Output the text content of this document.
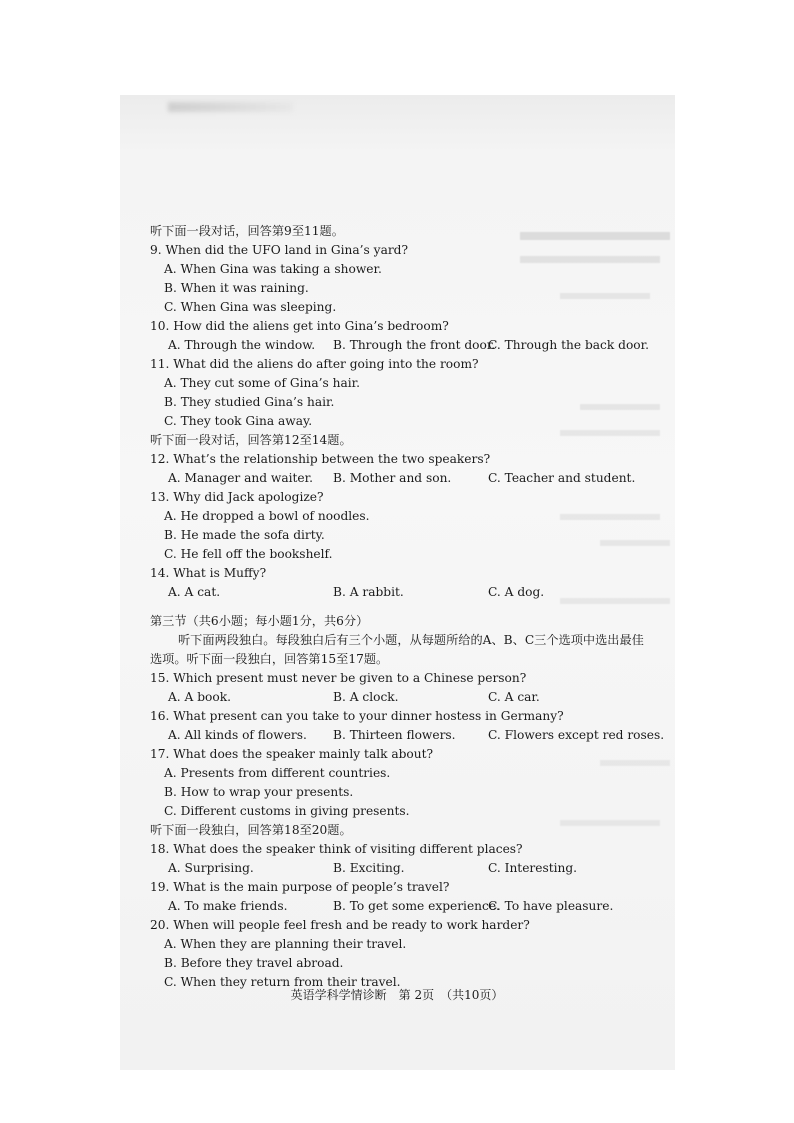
听下面一段对话，回答第9至11题。
9. When did the UFO land in Gina’s yard?
A. When Gina was taking a shower.
B. When it was raining.
C. When Gina was sleeping.
10. How did the aliens get into Gina’s bedroom?
A. Through the window.	B. Through the front door.
C. Through the back door.
11. What did the aliens do after going into the room?
A. They cut some of Gina’s hair.
B. They studied Gina’s hair.
C. They took Gina away.
听下面一段对话，回答第12至14题。
12. What’s the relationship between the two speakers?
A. Manager and waiter.	B. Mother and son.	C. Teacher and student.
13. Why did Jack apologize?
A. He dropped a bowl of noodles.
B. He made the sofa dirty.
C. He fell off the bookshelf.
14. What is Muffy?
A. A cat.	B. A rabbit.	C. A dog.
第三节（共6小题；每小题1分，共6分）
听下面两段独白。每段独白后有三个小题，从每题所给的A、B、C三个选项中选出最佳
选项。听下面一段独白，回答第15至17题。
15. Which present must never be given to a Chinese person?
A. A book.	B. A clock.	C. A car.
16. What present can you take to your dinner hostess in Germany?
A. All kinds of flowers.	B. Thirteen flowers.	C. Flowers except red roses.
17. What does the speaker mainly talk about?
A. Presents from different countries.
B. How to wrap your presents.
C. Different customs in giving presents.
听下面一段独白，回答第18至20题。
18. What does the speaker think of visiting different places?
A. Surprising.	B. Exciting.	C. Interesting.
19. What is the main purpose of people’s travel?
A. To make friends.	B. To get some experience.
C. To have pleasure.
20. When will people feel fresh and be ready to work harder?
A. When they are planning their travel.
B. Before they travel abroad.
C. When they return from their travel.
英语学科学情诊断　第 2页　（共10页）
